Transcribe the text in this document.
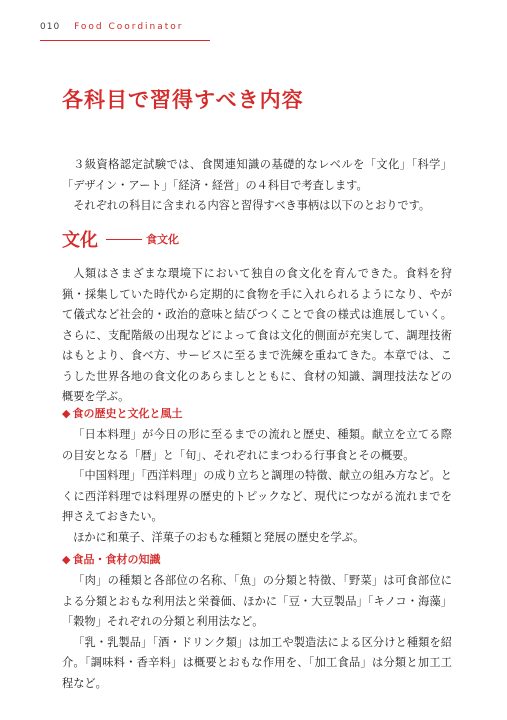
010 Food Coordinator
各科目で習得すべき内容

３級資格認定試験では、食関連知識の基礎的なレベルを「文化」「科学」「デザイン・アート」「経済・経営」の４科目で考査します。

それぞれの科目に含まれる内容と習得すべき事柄は以下のとおりです。

文化	食文化

人類はさまざまな環境下において独自の食文化を育んできた。食料を狩猟・採集していた時代から定期的に食物を手に入れられるようになり、やがて儀式など社会的・政治的意味と結びつくことで食の様式は進展していく。さらに、支配階級の出現などによって食は文化的側面が充実して、調理技術はもとより、食べ方、サービスに至るまで洗練を重ねてきた。本章では、こうした世界各地の食文化のあらましとともに、食材の知識、調理技法などの概要を学ぶ。

◆ 食の歴史と文化と風土

「日本料理」が今日の形に至るまでの流れと歴史、種類。献立を立てる際の目安となる「暦」と「旬」、それぞれにまつわる行事食とその概要。

「中国料理」「西洋料理」の成り立ちと調理の特徴、献立の組み方など。とくに西洋料理では料理界の歴史的トピックなど、現代につながる流れまでを押さえておきたい。

ほかに和菓子、洋菓子のおもな種類と発展の歴史を学ぶ。

◆ 食品・食材の知識

「肉」の種類と各部位の名称、「魚」の分類と特徴、「野菜」は可食部位による分類とおもな利用法と栄養価、ほかに「豆・大豆製品」「キノコ・海藻」「穀物」それぞれの分類と利用法など。

「乳・乳製品」「酒・ドリンク類」は加工や製造法による区分けと種類を紹介。「調味料・香辛料」は概要とおもな作用を、「加工食品」は分類と加工工程など。
